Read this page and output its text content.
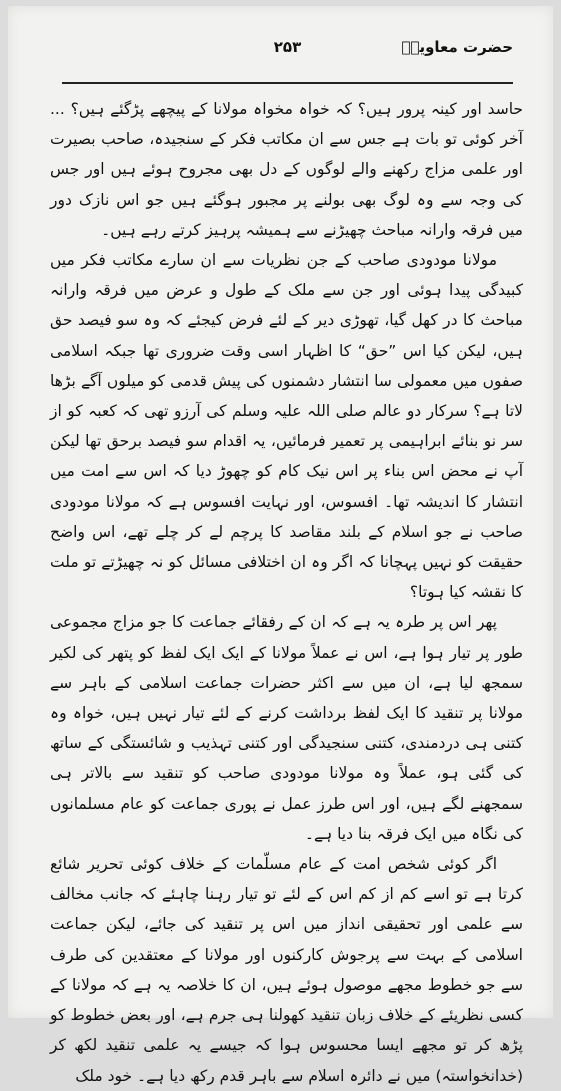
حضرت معاویہؓ
۲۵۳

حاسد اور کینہ پرور ہیں؟ کہ خواہ مخواہ مولانا کے پیچھے پڑگئے ہیں؟ ... آخر کوئی تو بات ہے جس سے ان مکاتب فکر کے سنجیدہ، صاحب بصیرت اور علمی مزاج رکھنے والے لوگوں کے دل بھی مجروح ہوئے ہیں اور جس کی وجہ سے وہ لوگ بھی بولنے پر مجبور ہوگئے ہیں جو اس نازک دور میں فرقہ وارانہ مباحث چھیڑنے سے ہمیشہ پرہیز کرتے رہے ہیں۔

مولانا مودودی صاحب کے جن نظریات سے ان سارے مکاتب فکر میں کبیدگی پیدا ہوئی اور جن سے ملک کے طول و عرض میں فرقہ وارانہ مباحث کا در کھل گیا، تھوڑی دیر کے لئے فرض کیجئے کہ وہ سو فیصد حق ہیں، لیکن کیا اس ”حق“ کا اظہار اسی وقت ضروری تھا جبکہ اسلامی صفوں میں معمولی سا انتشار دشمنوں کی پیش قدمی کو میلوں آگے بڑھا لاتا ہے؟ سرکار دو عالم صلی اللہ علیہ وسلم کی آرزو تھی کہ کعبہ کو از سر نو بنائے ابراہیمی پر تعمیر فرمائیں، یہ اقدام سو فیصد برحق تھا لیکن آپ نے محض اس بناء پر اس نیک کام کو چھوڑ دیا کہ اس سے امت میں انتشار کا اندیشہ تھا۔ افسوس، اور نہایت افسوس ہے کہ مولانا مودودی صاحب نے جو اسلام کے بلند مقاصد کا پرچم لے کر چلے تھے، اس واضح حقیقت کو نہیں پہچانا کہ اگر وہ ان اختلافی مسائل کو نہ چھیڑتے تو ملت کا نقشہ کیا ہوتا؟

پھر اس پر طرہ یہ ہے کہ ان کے رفقائے جماعت کا جو مزاج مجموعی طور پر تیار ہوا ہے، اس نے عملاً مولانا کے ایک ایک لفظ کو پتھر کی لکیر سمجھ لیا ہے، ان میں سے اکثر حضرات جماعت اسلامی کے باہر سے مولانا پر تنقید کا ایک لفظ برداشت کرنے کے لئے تیار نہیں ہیں، خواہ وہ کتنی ہی دردمندی، کتنی سنجیدگی اور کتنی تہذیب و شائستگی کے ساتھ کی گئی ہو، عملاً وہ مولانا مودودی صاحب کو تنقید سے بالاتر ہی سمجھنے لگے ہیں، اور اس طرز عمل نے پوری جماعت کو عام مسلمانوں کی نگاہ میں ایک فرقہ بنا دیا ہے۔

اگر کوئی شخص امت کے عام مسلّمات کے خلاف کوئی تحریر شائع کرتا ہے تو اسے کم از کم اس کے لئے تو تیار رہنا چاہئے کہ جانب مخالف سے علمی اور تحقیقی انداز میں اس پر تنقید کی جائے، لیکن جماعت اسلامی کے بہت سے پرجوش کارکنوں اور مولانا کے معتقدین کی طرف سے جو خطوط مجھے موصول ہوئے ہیں، ان کا خلاصہ یہ ہے کہ مولانا کے کسی نظریئے کے خلاف زبان تنقید کھولنا ہی جرم ہے، اور بعض خطوط کو پڑھ کر تو مجھے ایسا محسوس ہوا کہ جیسے یہ علمی تنقید لکھ کر (خدانخواستہ) میں نے دائرہ اسلام سے باہر قدم رکھ دیا ہے۔ خود ملک
